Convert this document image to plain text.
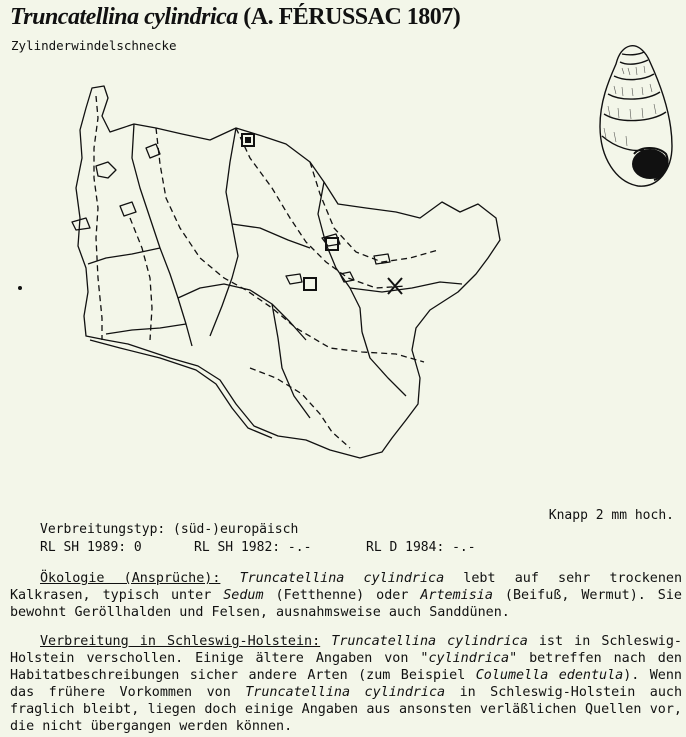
Truncatellina cylindrica (A. FÉRUSSAC 1807)
Zylinderwindelschnecke
Knapp 2 mm hoch.
Verbreitungstyp: (süd-)europäisch
RL SH 1989: 0	RL SH 1982: -.-	RL D 1984: -.-

Ökologie (Ansprüche): Truncatellina cylindrica lebt auf sehr trockenen Kalkrasen, typisch unter Sedum (Fetthenne) oder Artemisia (Beifuß, Wermut). Sie bewohnt Geröllhalden und Felsen, ausnahmsweise auch Sanddünen.

Verbreitung in Schleswig-Holstein: Truncatellina cylindrica ist in Schleswig-Holstein verschollen. Einige ältere Angaben von "cylindrica" betreffen nach den Habitatbeschreibungen sicher andere Arten (zum Beispiel Columella edentula). Wenn das frühere Vorkommen von Truncatellina cylindrica in Schleswig-Holstein auch fraglich bleibt, liegen doch einige Angaben aus ansonsten verläßlichen Quellen vor, die nicht übergangen werden können.
